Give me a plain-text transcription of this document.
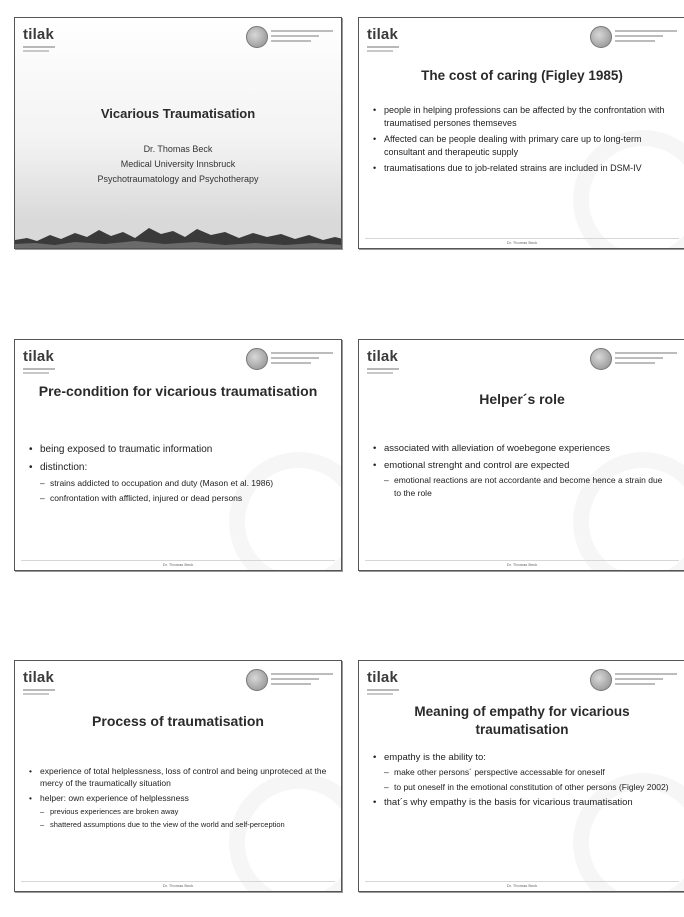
tilak
Vicarious Traumatisation
Dr. Thomas Beck
Medical University Innsbruck
Psychotraumatology and Psychotherapy
tilak
The cost of caring (Figley 1985)
• people in helping professions can be affected by the confrontation with traumatised persones themseves
• Affected can be people dealing with primary care up to long-term consultant and therapeutic supply
• traumatisations due to job-related strains are included in DSM-IV
Dr. Thomas Beck
tilak
Pre-condition for vicarious traumatisation
• being exposed to traumatic information
• distinction:
– strains addicted to occupation and duty (Mason et al. 1986)
– confrontation with afflicted, injured or dead persons
Dr. Thomas Beck
tilak
Helper´s role
• associated with alleviation of woebegone experiences
• emotional strenght and control are expected
– emotional reactions are not accordante and become hence a strain due to the role
Dr. Thomas Beck
tilak
Process of traumatisation
• experience of total helplessness, loss of control and being unproteced at the mercy of the traumatically situation
• helper: own experience of helplessness
– previous experiences are broken away
– shattered assumptions due to the view of the world and self-perception
Dr. Thomas Beck
tilak
Meaning of empathy for vicarious traumatisation
• empathy is the ability to:
– make other persons´ perspective accessable for oneself
– to put oneself in the emotional constitution of other persons (Figley 2002)
• that´s why empathy is the basis for vicarious traumatisation
Dr. Thomas Beck
